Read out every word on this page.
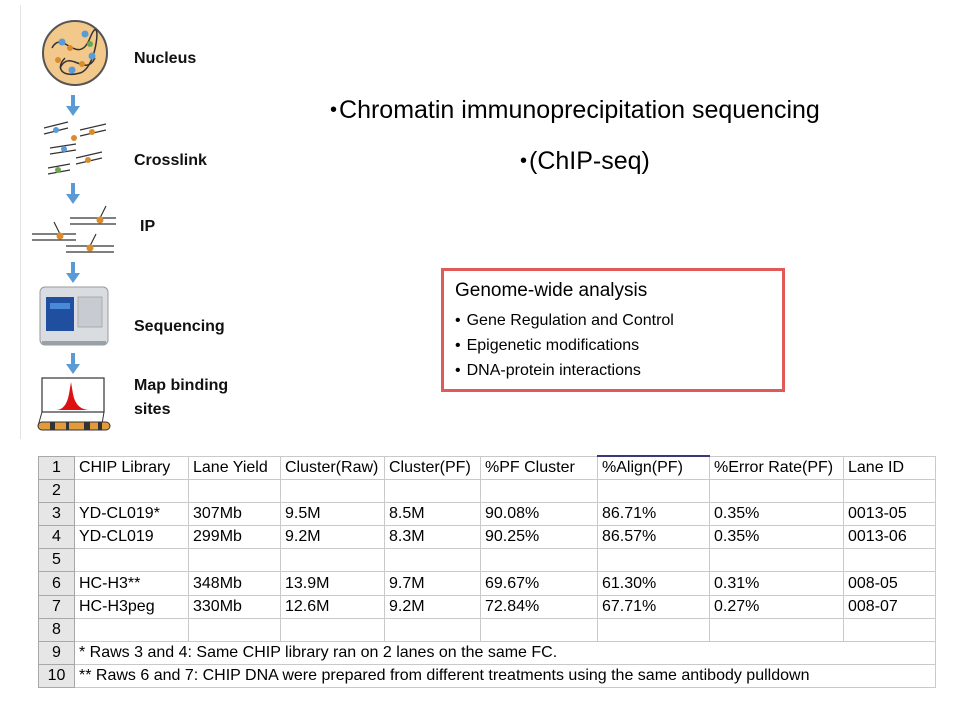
Nucleus
Crosslink
IP
Sequencing
Map binding
sites
•Chromatin immunoprecipitation sequencing
•(ChIP-seq)
Genome-wide analysis
• Gene Regulation and Control
• Epigenetic modifications
• DNA-protein interactions
1	CHIP Library	Lane Yield	Cluster(Raw)	Cluster(PF)	%PF Cluster	%Align(PF)	%Error Rate(PF)	Lane ID
2								
3	YD-CL019*	307Mb	9.5M	8.5M	90.08%	86.71%	0.35%	0013-05
4	YD-CL019	299Mb	9.2M	8.3M	90.25%	86.57%	0.35%	0013-06
5								
6	HC-H3**	348Mb	13.9M	9.7M	69.67%	61.30%	0.31%	008-05
7	HC-H3peg	330Mb	12.6M	9.2M	72.84%	67.71%	0.27%	008-07
8								
9	* Raws 3 and 4: Same CHIP library ran on 2 lanes on the same FC.							
10	** Raws 6 and 7: CHIP DNA were prepared from different treatments using the same antibody pulldown							
